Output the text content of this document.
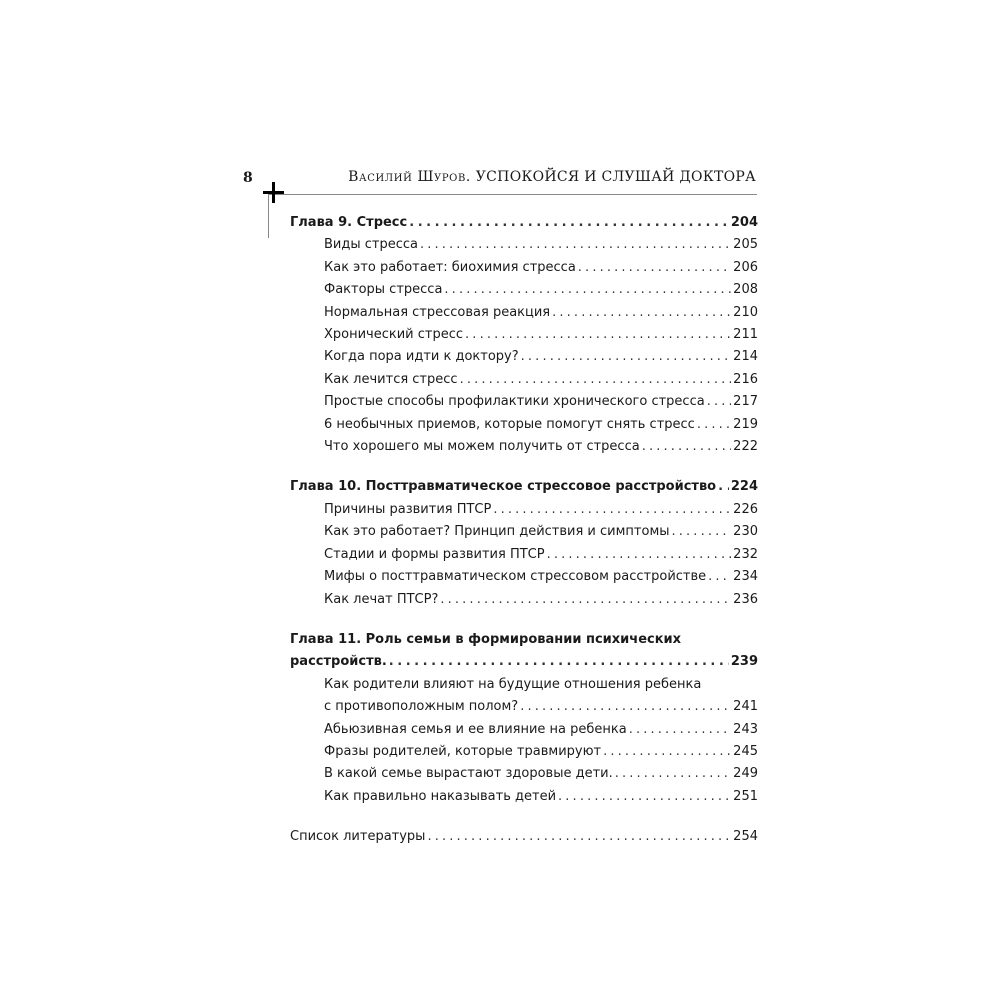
8	Василий Шуров. УСПОКОЙСЯ И СЛУШАЙ ДОКТОРА
Глава 9. Стресс . . .	204
Виды стресса . . .	205
Как это работает: биохимия стресса . . .	206
Факторы стресса . . .	208
Нормальная стрессовая реакция . . .	210
Хронический стресс . . .	211
Когда пора идти к доктору? . . .	214
Как лечится стресс . . .	216
Простые способы профилактики хронического стресса . . . 217
6 необычных приемов, которые помогут снять стресс . . .	219
Что хорошего мы можем получить от стресса . . .	222
Глава 10. Посттравматическое стрессовое расстройство . . . 224
Причины развития ПТСР . . .	226
Как это работает? Принцип действия и симптомы . . .	230
Стадии и формы развития ПТСР . . .	232
Мифы о посттравматическом стрессовом расстройстве . . . 234
Как лечат ПТСР? . . .	236
Глава 11. Роль семьи в формировании психических
расстройств. . . .	239
Как родители влияют на будущие отношения ребенка
с противоположным полом? . . .	241
Абьюзивная семья и ее влияние на ребенка . . .	243
Фразы родителей, которые травмируют . . .	245
В какой семье вырастают здоровые дети. . . .	249
Как правильно наказывать детей . . .	251
Список литературы . . .	254
